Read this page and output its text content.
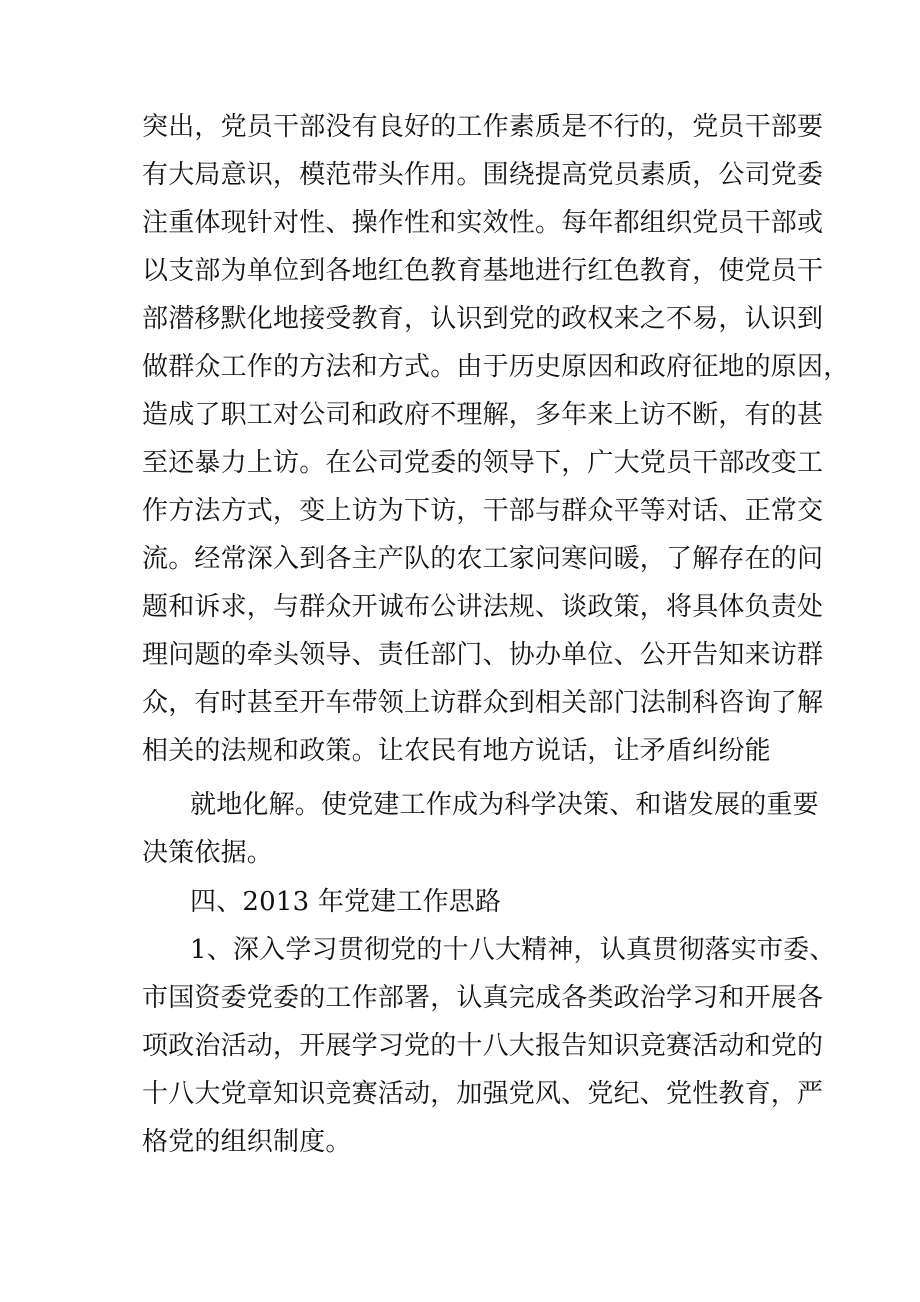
突出，党员干部没有良好的工作素质是不行的，党员干部要
有大局意识，模范带头作用。围绕提高党员素质，公司党委
注重体现针对性、操作性和实效性。每年都组织党员干部或
以支部为单位到各地红色教育基地进行红色教育，使党员干
部潜移默化地接受教育，认识到党的政权来之不易，认识到
做群众工作的方法和方式。由于历史原因和政府征地的原因，
造成了职工对公司和政府不理解，多年来上访不断，有的甚
至还暴力上访。在公司党委的领导下，广大党员干部改变工
作方法方式，变上访为下访，干部与群众平等对话、正常交
流。经常深入到各主产队的农工家问寒问暖，了解存在的问
题和诉求，与群众开诚布公讲法规、谈政策，将具体负责处
理问题的牵头领导、责任部门、协办单位、公开告知来访群
众，有时甚至开车带领上访群众到相关部门法制科咨询了解
相关的法规和政策。让农民有地方说话，让矛盾纠纷能
就地化解。使党建工作成为科学决策、和谐发展的重要
决策依据。
四、2013 年党建工作思路
1、深入学习贯彻党的十八大精神，认真贯彻落实市委、
市国资委党委的工作部署，认真完成各类政治学习和开展各
项政治活动，开展学习党的十八大报告知识竞赛活动和党的
十八大党章知识竞赛活动，加强党风、党纪、党性教育，严
格党的组织制度。
